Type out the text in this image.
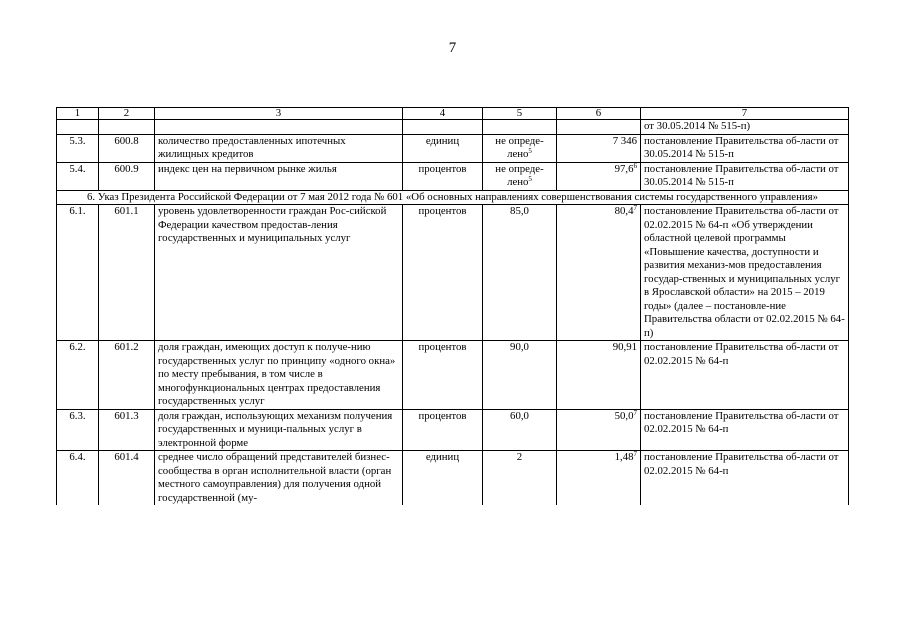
7
1	2	3	4	5	6	7
						от 30.05.2014 № 515-п)
5.3.	600.8	количество предоставленных ипотечных жилищных кредитов	единиц	не опреде-лено$^5$	7 346	постановление Правительства об-ласти от 30.05.2014 № 515-п
5.4.	600.9	индекс цен на первичном рынке жилья	процентов	не опреде-лено$^5$	97,6$^6$	постановление Правительства об-ласти от 30.05.2014 № 515-п
6. Указ Президента Российской Федерации от 7 мая 2012 года № 601 «Об основных направлениях совершенствования системы государственного управления»						
6.1.	601.1	уровень удовлетворенности граждан Рос-сийской Федерации качеством предостав-ления государственных и муниципальных услуг	процентов	85,0	80,4$^7$	постановление Правительства об-ласти от 02.02.2015 № 64-п «Об утверждении областной целевой программы «Повышение качества, доступности и развития механиз-мов предоставления государ-ственных и муниципальных услуг в Ярославской области» на 2015 – 2019 годы» (далее – постановле-ние Правительства области от 02.02.2015 № 64-п)
6.2.	601.2	доля граждан, имеющих доступ к получе-нию государственных услуг по принципу «одного окна» по месту пребывания, в том числе в многофункциональных центрах предоставления государственных услуг	процентов	90,0	90,91	постановление Правительства об-ласти от 02.02.2015 № 64-п
6.3.	601.3	доля граждан, использующих механизм получения государственных и муници-пальных услуг в электронной форме	процентов	60,0	50,0$^7$	постановление Правительства об-ласти от 02.02.2015 № 64-п
6.4.	601.4	среднее число обращений представителей бизнес-сообщества в орган исполнительной власти (орган местного самоуправления) для получения одной государственной (му-	единиц	2	1,48$^7$	постановление Правительства об-ласти от 02.02.2015 № 64-п
